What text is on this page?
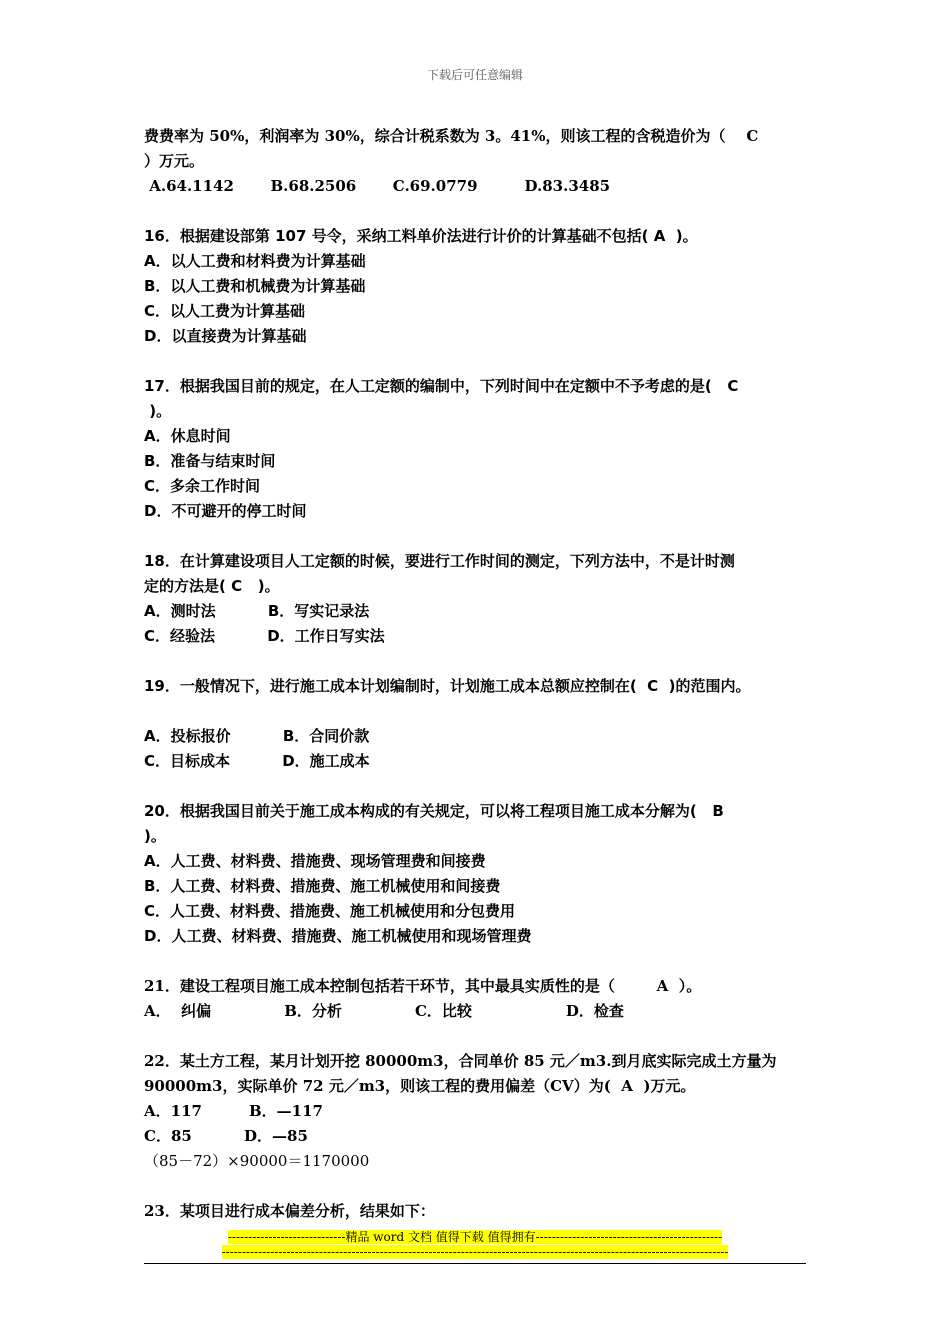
下载后可任意编辑
费费率为 50%，利润率为 30%，综合计税系数为 3。41%，则该工程的含税造价为（    C
）万元。
A.64.1142       B.68.2506       C.69.0779         D.83.3485
16．根据建设部第 107 号令，采纳工料单价法进行计价的计算基础不包括( A  )。
A．以人工费和材料费为计算基础
B．以人工费和机械费为计算基础
C．以人工费为计算基础
D．以直接费为计算基础
17．根据我国目前的规定，在人工定额的编制中，下列时间中在定额中不予考虑的是(   C
)。
A．休息时间
B．准备与结束时间
C．多余工作时间
D．不可避开的停工时间
18．在计算建设项目人工定额的时候，要进行工作时间的测定，下列方法中，不是计时测
定的方法是( C   )。
A．测时法          B．写实记录法
C．经验法          D．工作日写实法
19．一般情况下，进行施工成本计划编制时，计划施工成本总额应控制在(  C  )的范围内。
A．投标报价          B．合同价款
C．目标成本          D．施工成本
20．根据我国目前关于施工成本构成的有关规定，可以将工程项目施工成本分解为(   B
)。
A．人工费、材料费、措施费、现场管理费和间接费
B．人工费、材料费、措施费、施工机械使用和间接费
C．人工费、材料费、措施费、施工机械使用和分包费用
D．人工费、材料费、措施费、施工机械使用和现场管理费
21．建设工程项目施工成本控制包括若干环节，其中最具实质性的是（        A  ）。
A．  纠偏              B．分析              C．比较                  D．检查
22．某土方工程，某月计划开挖 80000m3，合同单价 85 元／m3.到月底实际完成土方量为
90000m3，实际单价 72 元／m3，则该工程的费用偏差（CV）为(  A  )万元。
A．117         B．—117
C．85          D．—85
（85－72）×90000＝1170000
23．某项目进行成本偏差分析，结果如下：
-----------------------------精品 word 文档 值得下载 值得拥有----------------------------------------------
-----------------------------------------------------------------------------------------------------------------------------
